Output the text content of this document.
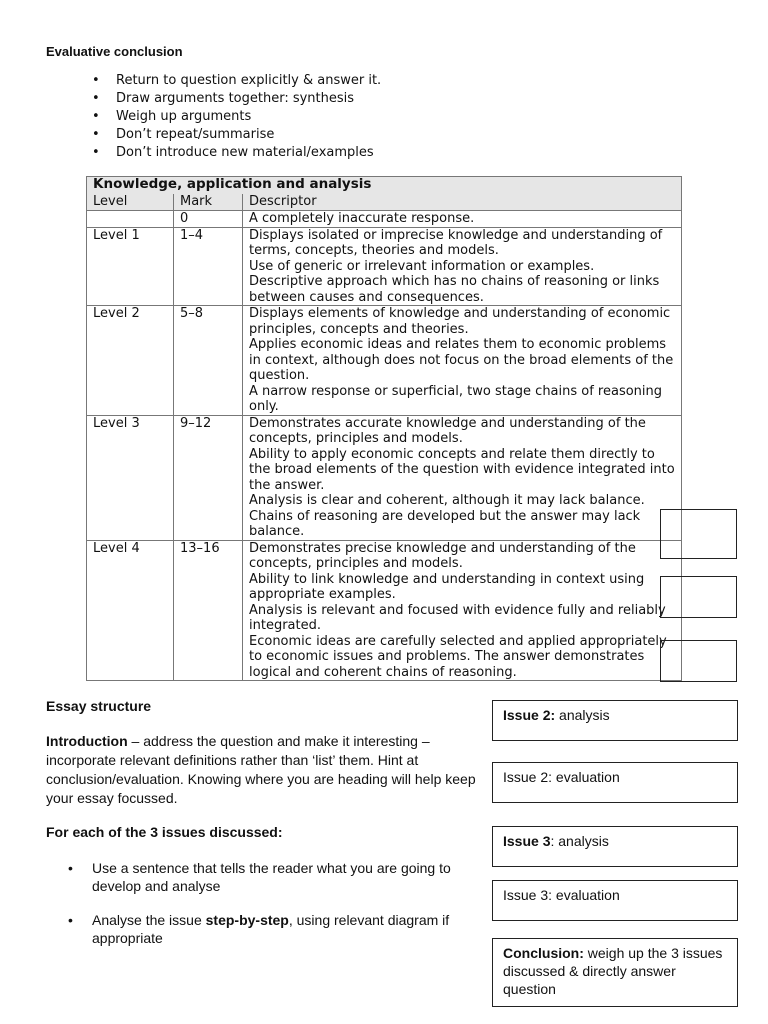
Evaluative conclusion
• Return to question explicitly & answer it.
• Draw arguments together: synthesis
• Weigh up arguments
• Don’t repeat/summarise
• Don’t introduce new material/examples
Knowledge, application and analysis		
Level	Mark	Descriptor
	0	A completely inaccurate response.

Level 1	1–4	Displays isolated or imprecise knowledge and understanding of terms, concepts, theories and models.

Use of generic or irrelevant information or examples.

Descriptive approach which has no chains of reasoning or links between causes and consequences.

Level 2	5–8	Displays elements of knowledge and understanding of economic principles, concepts and theories.

Applies economic ideas and relates them to economic problems in context, although does not focus on the broad elements of the question.

A narrow response or superficial, two stage chains of reasoning only.

Level 3	9–12	Demonstrates accurate knowledge and understanding of the concepts, principles and models.

Ability to apply economic concepts and relate them directly to the broad elements of the question with evidence integrated into the answer.

Analysis is clear and coherent, although it may lack balance.

Chains of reasoning are developed but the answer may lack balance.

Level 4	13–16	Demonstrates precise knowledge and understanding of the concepts, principles and models.

Ability to link knowledge and understanding in context using appropriate examples.

Analysis is relevant and focused with evidence fully and reliably integrated.

Economic ideas are carefully selected and applied appropriately to economic issues and problems. The answer demonstrates logical and coherent chains of reasoning.

Essay structure

Introduction – address the question and make it interesting – incorporate relevant definitions rather than ‘list’ them. Hint at conclusion/evaluation. Knowing where you are heading will help keep your essay focussed.

For each of the 3 issues discussed:
• Use a sentence that tells the reader what you are going to develop and analyse
• Analyse the issue step-by-step, using relevant diagram if appropriate
Issue 2: analysis
Issue 2: evaluation
Issue 3: analysis
Issue 3: evaluation
Conclusion: weigh up the 3 issues discussed & directly answer question
